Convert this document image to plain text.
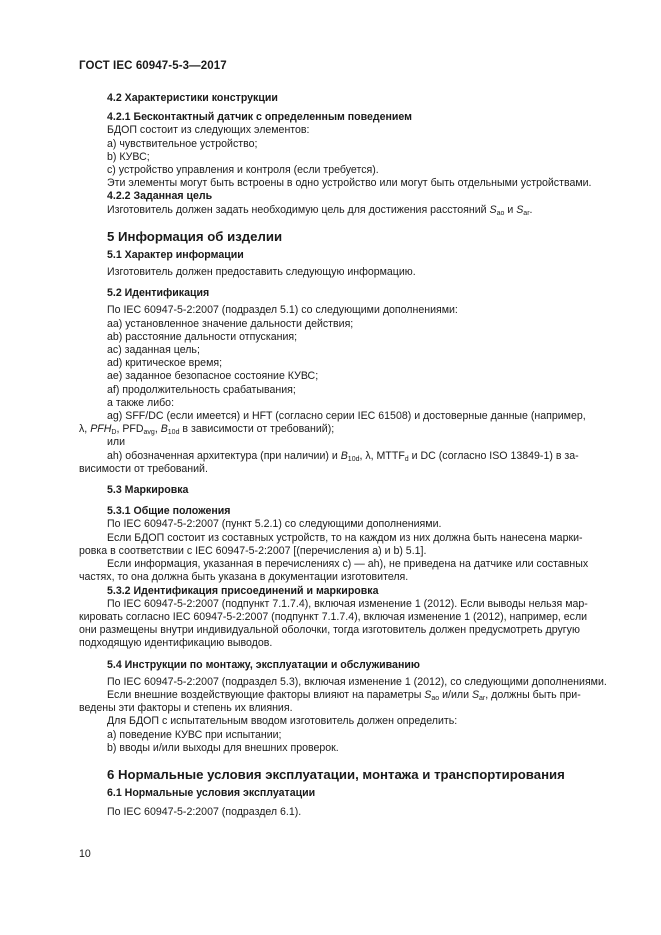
ГОСТ IEC 60947-5-3—2017

4.2 Характеристики конструкции

4.2.1 Бесконтактный датчик с определенным поведением

БДОП состоит из следующих элементов:

a) чувствительное устройство;

b) КУВС;

c) устройство управления и контроля (если требуется).

Эти элементы могут быть встроены в одно устройство или могут быть отдельными устройствами.

4.2.2 Заданная цель

Изготовитель должен задать необходимую цель для достижения расстояний $S_{ao}$ и $S_{ar}$.

5 Информация об изделии

5.1 Характер информации

Изготовитель должен предоставить следующую информацию.

5.2 Идентификация

По IEC 60947-5-2:2007 (подраздел 5.1) со следующими дополнениями:

aa) установленное значение дальности действия;

ab) расстояние дальности отпускания;

ac) заданная цель;

ad) критическое время;

ae) заданное безопасное состояние КУВС;

af) продолжительность срабатывания;

а также либо:

ag) SFF/DC (если имеется) и HFT (согласно серии IEC 61508) и достоверные данные (например,

λ, $PFH_D$, $PFD_{avg}$, $B_{10d}$ в зависимости от требований);

или

ah) обозначенная архитектура (при наличии) и $B_{10d}$, λ, $MTTF_d$ и DC (согласно ISO 13849-1) в за-

висимости от требований.

5.3 Маркировка

5.3.1 Общие положения

По IEC 60947-5-2:2007 (пункт 5.2.1) со следующими дополнениями.

Если БДОП состоит из составных устройств, то на каждом из них должна быть нанесена марки-

ровка в соответствии с IEC 60947-5-2:2007 [(перечисления a) и b) 5.1].

Если информация, указанная в перечислениях c) — ah), не приведена на датчике или составных

частях, то она должна быть указана в документации изготовителя.

5.3.2 Идентификация присоединений и маркировка

По IEC 60947-5-2:2007 (подпункт 7.1.7.4), включая изменение 1 (2012). Если выводы нельзя мар-

кировать согласно IEC 60947-5-2:2007 (подпункт 7.1.7.4), включая изменение 1 (2012), например, если

они размещены внутри индивидуальной оболочки, тогда изготовитель должен предусмотреть другую

подходящую идентификацию выводов.

5.4 Инструкции по монтажу, эксплуатации и обслуживанию

По IEC 60947-5-2:2007 (подраздел 5.3), включая изменение 1 (2012), со следующими дополнениями.

Если внешние воздействующие факторы влияют на параметры $S_{ao}$ и/или $S_{ar}$, должны быть при-

ведены эти факторы и степень их влияния.

Для БДОП с испытательным вводом изготовитель должен определить:

a) поведение КУВС при испытании;

b) вводы и/или выходы для внешних проверок.

6 Нормальные условия эксплуатации, монтажа и транспортирования

6.1 Нормальные условия эксплуатации

По IEC 60947-5-2:2007 (подраздел 6.1).

10
